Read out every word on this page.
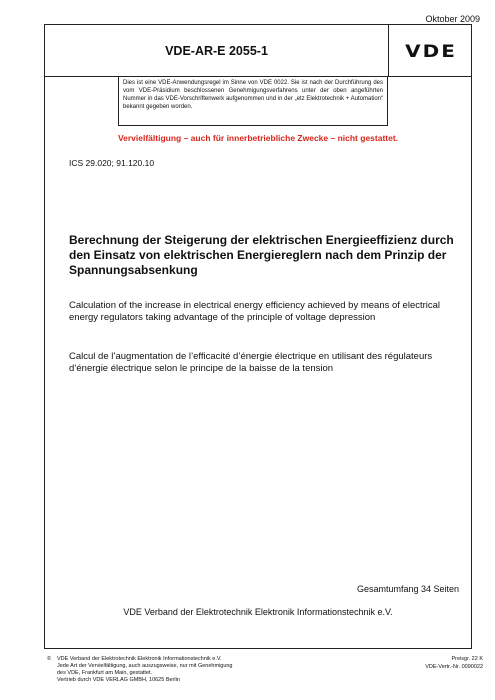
Oktober 2009
VDE-AR-E 2055-1	VDE
Dies ist eine VDE-Anwendungsregel im Sinne von VDE 0022. Sie ist nach der Durchführung des vom VDE-Präsidium beschlossenen Genehmigungsverfahrens unter der oben angeführten Nummer in das VDE-Vorschriftenwerk aufgenommen und in der „etz Elektrotechnik + Automation“ bekannt gegeben worden.
Vervielfältigung – auch für innerbetriebliche Zwecke – nicht gestattet.
ICS 29.020; 91.120.10
Berechnung der Steigerung der elektrischen Energieeffizienz durch den Einsatz von elektrischen Energiereglern nach dem Prinzip der Spannungsabsenkung
Calculation of the increase in electrical energy efficiency achieved by means of electrical energy regulators taking advantage of the principle of voltage depression
Calcul de l’augmentation de l’efficacité d’énergie électrique en utilisant des régulateurs d’énergie électrique selon le principe de la baisse de la tension
Gesamtumfang 34 Seiten
VDE Verband der Elektrotechnik Elektronik Informationstechnik e.V.
© VDE Verband der Elektrotechnik Elektronik Informationstechnik e.V.
Jede Art der Vervielfältigung, auch auszugsweise, nur mit Genehmigung
des VDE, Frankfurt am Main, gestattet.
Vertrieb durch VDE VERLAG GMBH, 10625 Berlin
Preisgr. 22 K
VDE-Vertr.-Nr. 0090022
